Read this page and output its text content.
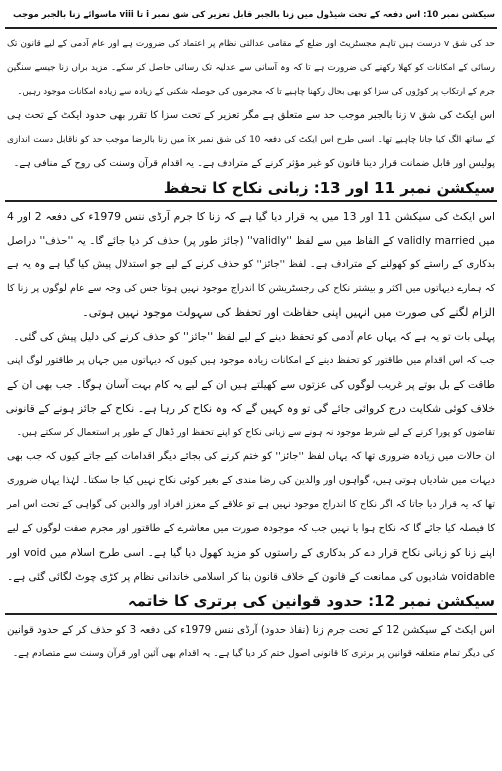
سیکشن نمبر 10: اس دفعہ کے تحت شیڈول میں زنا بالجبر قابل تعزیر کی شق نمبر i تا viii ماسوائے زنا بالجبر موجب
حد کی شق v درست ہیں تاہم مجسٹریٹ اور ضلع کے مقامی عدالتی نظام پر اعتماد کی ضرورت ہے اور عام آدمی کے لیے قانون تک
رسائی کے امکانات کو کھلا رکھنے کی ضرورت ہے تا کہ وہ آسانی سے عدلیہ تک رسائی حاصل کر سکے۔ مزید براں زنا جیسے سنگین
جرم کے ارتکاب پر کوڑوں کی سزا کو بھی بحال رکھنا چاہیے تا کہ مجرموں کی حوصلہ شکنی کے زیادہ سے زیادہ امکانات موجود رہیں۔
اس ایکٹ کی شق v زنا بالجبر موجب حد سے متعلق ہے مگر تعزیر کے تحت سزا کا تقرر بھی حدود ایکٹ کے تحت ہی
کے ساتھ الگ کیا جانا چاہیے تھا۔ اسی طرح اس ایکٹ کی دفعہ 10 کی شق نمبر ix میں زنا بالرضا موجب حد کو ناقابل دست اندازی
پولیس اور قابل ضمانت قرار دینا قانون کو غیر مؤثر کرنے کے مترادف ہے۔ یہ اقدام قرآن وسنت کی روح کے منافی ہے۔
سیکشن نمبر 11 اور 13: زبانی نکاح کا تحفظ
اس ایکٹ کی سیکشن 11 اور 13 میں یہ قرار دیا گیا ہے کہ زنا کا جرم آرڈی ننس 1979ء کی دفعہ 2 اور 4
میں validly married کے الفاظ میں سے لفظ ''validly'' (جائز طور پر) حذف کر دیا جائے گا۔ یہ ''حذف'' دراصل
بدکاری کے راستے کو کھولنے کے مترادف ہے۔ لفظ ''جائز'' کو حذف کرنے کے لیے جو استدلال پیش کیا گیا ہے وہ یہ ہے
کہ ہمارے دیہاتوں میں اکثر و بیشتر نکاح کی رجسٹریشن کا اندراج موجود نہیں ہوتا جس کی وجہ سے عام لوگوں پر زنا کا
الزام لگنے کی صورت میں انہیں اپنی حفاظت اور تحفظ کی سہولت موجود نہیں ہوتی۔
پہلی بات تو یہ ہے کہ یہاں عام آدمی کو تحفظ دینے کے لیے لفظ ''جائز'' کو حذف کرنے کی دلیل پیش کی گئی۔
جب کہ اس اقدام میں طاقتور کو تحفظ دینے کے امکانات زیادہ موجود ہیں کیوں کہ دیہاتوں میں جہاں پر طاقتور لوگ اپنی
طاقت کے بل بوتے پر غریب لوگوں کی عزتوں سے کھیلتے ہیں ان کے لیے یہ کام بہت آسان ہوگا۔ جب بھی ان کے
خلاف کوئی شکایت درج کروائی جائے گی تو وہ کہیں گے کہ وہ نکاح کر رہا ہے۔ نکاح کے جائز ہونے کے قانونی
تقاضوں کو پورا کرنے کے لیے شرط موجود نہ ہونے سے زبانی نکاح کو اپنے تحفظ اور ڈھال کے طور پر استعمال کر سکتے ہیں۔
ان حالات میں زیادہ ضروری تھا کہ یہاں لفظ ''جائز'' کو ختم کرنے کی بجائے دیگر اقدامات کیے جاتے کیوں کہ جب بھی
دیہات میں شادیاں ہوتی ہیں، گواہوں اور والدین کی رضا مندی کے بغیر کوئی نکاح نہیں کیا جا سکتا۔ لہٰذا یہاں ضروری
تھا کہ یہ قرار دیا جاتا کہ اگر نکاح کا اندراج موجود نہیں ہے تو علاقے کے معزز افراد اور والدین کی گواہی کے تحت اس امر
کا فیصلہ کیا جائے گا کہ نکاح ہوا یا نہیں جب کہ موجودہ صورت میں معاشرے کے طاقتور اور مجرم صفت لوگوں کے لیے
اپنے زنا کو زبانی نکاح قرار دے کر بدکاری کے راستوں کو مزید کھول دیا گیا ہے۔ اسی طرح اسلام میں void اور
voidable شادیوں کی ممانعت کے قانون کے خلاف قانون بنا کر اسلامی خاندانی نظام پر کڑی چوٹ لگائی گئی ہے۔
سیکشن نمبر 12: حدود قوانین کی برتری کا خاتمہ
اس ایکٹ کے سیکشن 12 کے تحت جرم زنا (نفاذ حدود) آرڈی ننس 1979ء کی دفعہ 3 کو حذف کر کے حدود قوانین
کی دیگر تمام متعلقہ قوانین پر برتری کا قانونی اصول ختم کر دیا گیا ہے۔ یہ اقدام بھی آئین اور قرآن وسنت سے متصادم ہے۔
